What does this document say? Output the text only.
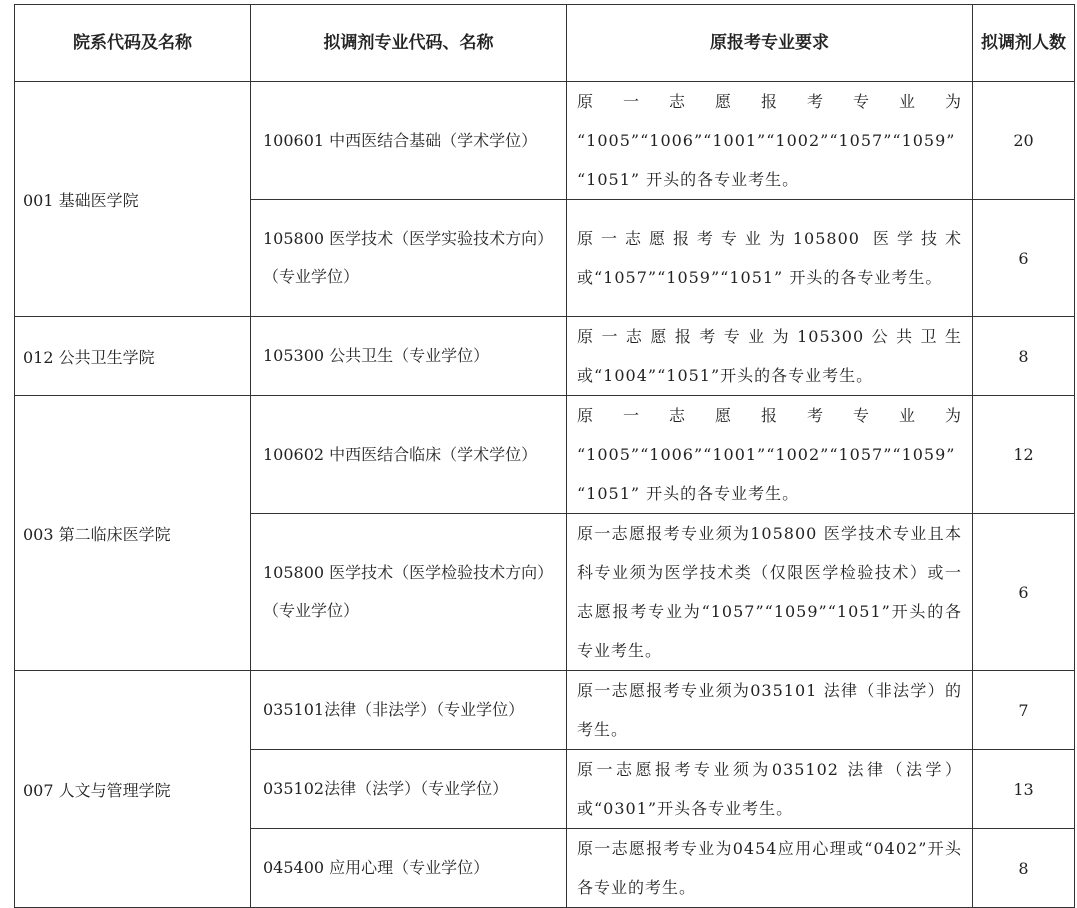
院系代码及名称	拟调剂专业代码、名称	原报考专业要求	拟调剂人数
001 基础医学院	100601 中西医结合基础（学术学位）	原一志愿报考专业为 “1005”“1006”“1001”“1002”“1057”“1059” “1051” 开头的各专业考生。	20
	105800 医学技术（医学实验技术方向）（专业学位）	原一志愿报考专业为105800 医学技术或“1057”“1059”“1051” 开头的各专业考生。	6
012 公共卫生学院	105300 公共卫生（专业学位）	原一志愿报考专业为105300公共卫生或“1004”“1051”开头的各专业考生。	8
003 第二临床医学院	100602 中西医结合临床（学术学位）	原一志愿报考专业为 “1005”“1006”“1001”“1002”“1057”“1059” “1051” 开头的各专业考生。	12
	105800 医学技术（医学检验技术方向）（专业学位）	原一志愿报考专业须为105800 医学技术专业且本科专业须为医学技术类（仅限医学检验技术）或一志愿报考专业为“1057”“1059”“1051”开头的各专业考生。	6
007 人文与管理学院	035101法律（非法学）（专业学位）	原一志愿报考专业须为035101 法律（非法学）的考生。	7
	035102法律（法学）（专业学位）	原一志愿报考专业须为035102 法律（法学）或“0301”开头各专业考生。	13
	045400 应用心理（专业学位）	原一志愿报考专业为0454应用心理或“0402”开头各专业的考生。	8
